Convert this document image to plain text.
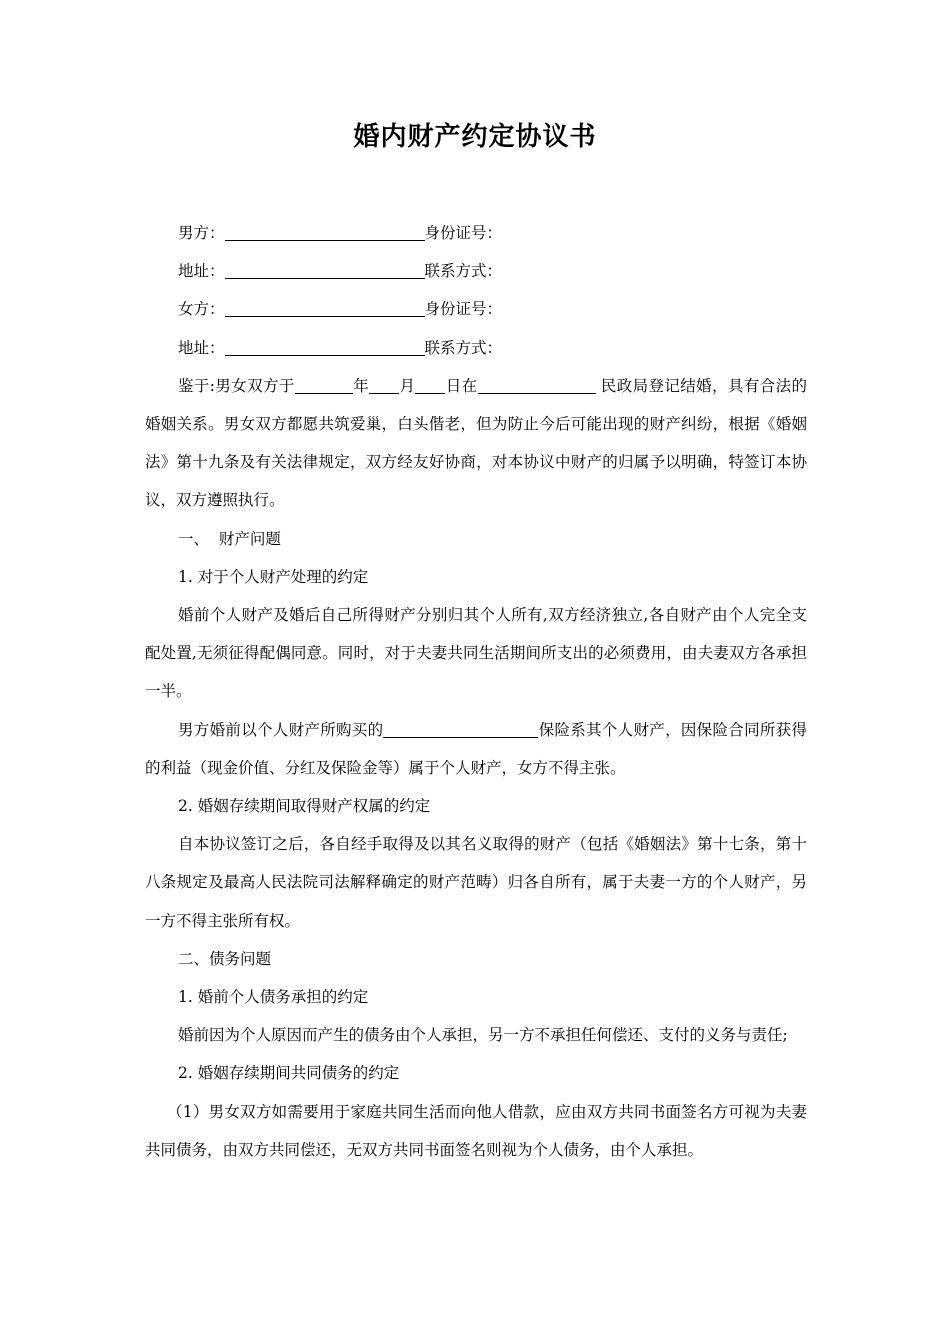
婚内财产约定协议书

男方：	身份证号：

地址：	联系方式：

女方：	身份证号：

地址：	联系方式：

鉴于:男女双方于	年 月 日在	民政局登记结婚，具有合法的婚姻关系。男女双方都愿共筑爱巢，白头偕老，但为防止今后可能出现的财产纠纷，根据《婚姻法》第十九条及有关法律规定，双方经友好协商，对本协议中财产的归属予以明确，特签订本协议，双方遵照执行。

一、  财产问题

1. 对于个人财产处理的约定

婚前个人财产及婚后自己所得财产分别归其个人所有,双方经济独立,各自财产由个人完全支配处置,无须征得配偶同意。同时，对于夫妻共同生活期间所支出的必须费用，由夫妻双方各承担一半。

男方婚前以个人财产所购买的	保险系其个人财产，因保险合同所获得的利益（现金价值、分红及保险金等）属于个人财产，女方不得主张。

2. 婚姻存续期间取得财产权属的约定

自本协议签订之后，各自经手取得及以其名义取得的财产（包括《婚姻法》第十七条，第十八条规定及最高人民法院司法解释确定的财产范畴）归各自所有，属于夫妻一方的个人财产，另一方不得主张所有权。

二、债务问题

1. 婚前个人债务承担的约定

婚前因为个人原因而产生的债务由个人承担，另一方不承担任何偿还、支付的义务与责任;

2. 婚姻存续期间共同债务的约定

（1）男女双方如需要用于家庭共同生活而向他人借款，应由双方共同书面签名方可视为夫妻共同债务，由双方共同偿还，无双方共同书面签名则视为个人债务，由个人承担。
